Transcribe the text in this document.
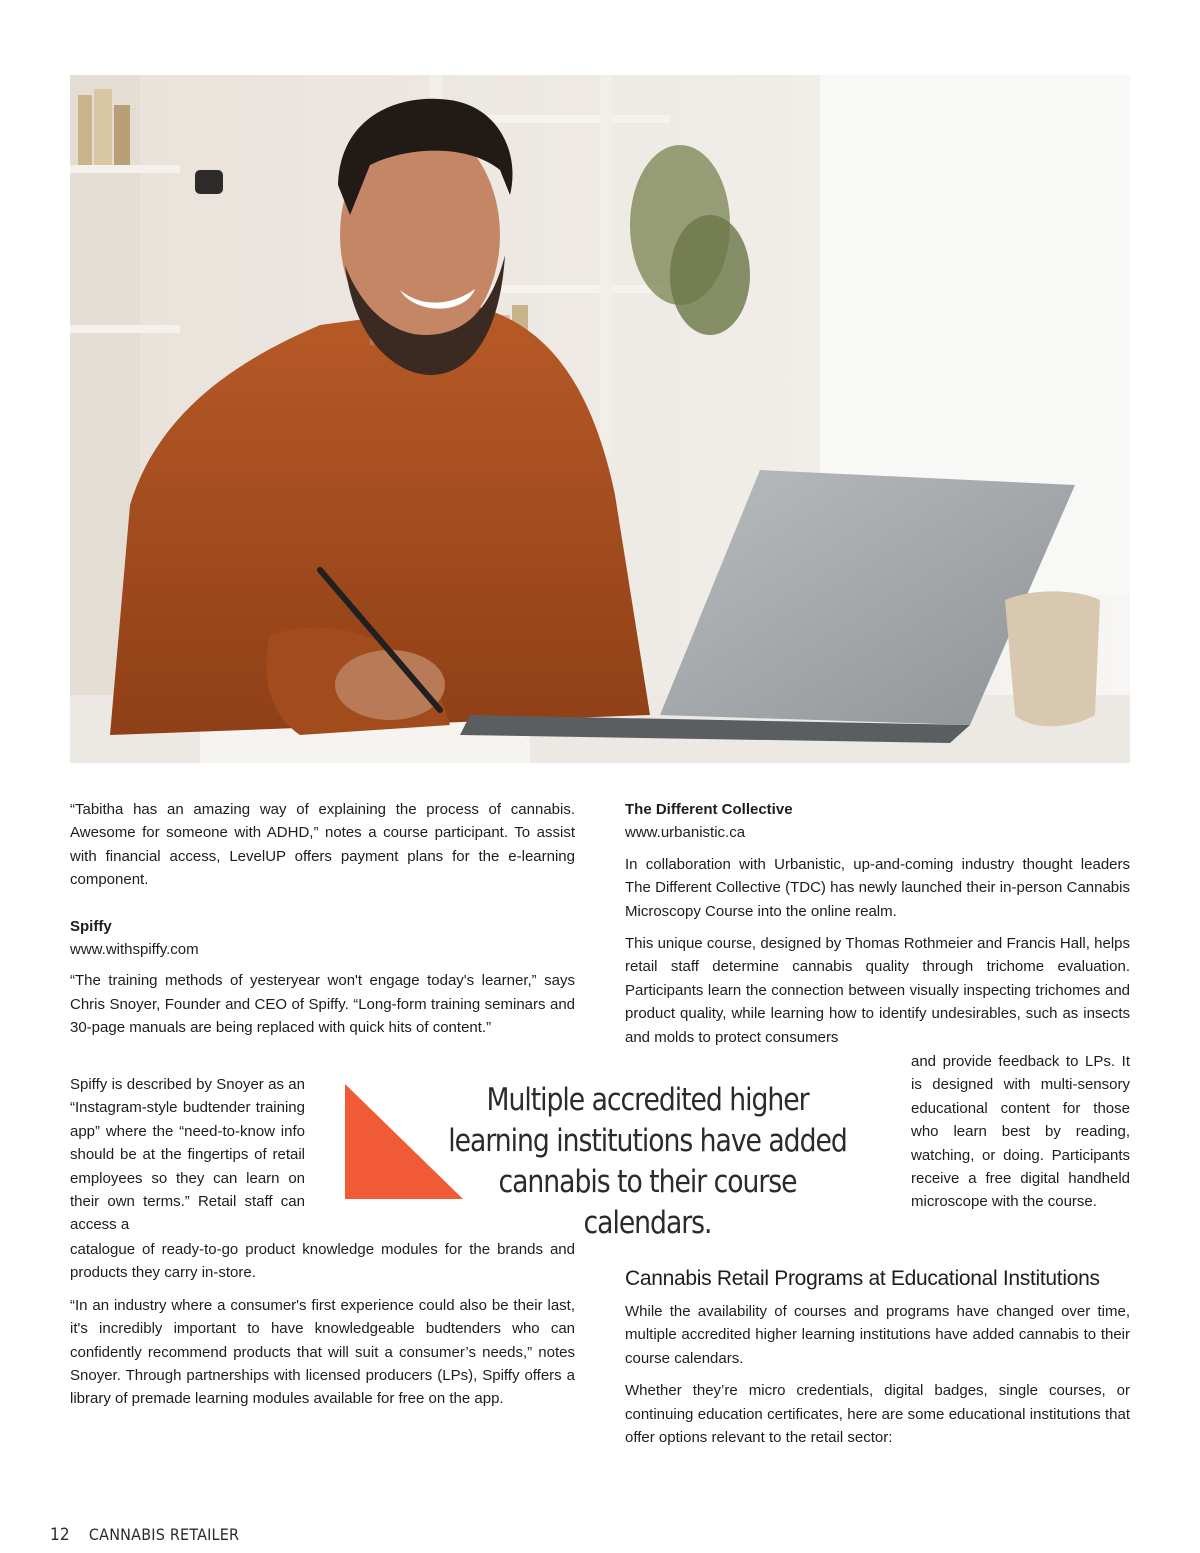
“Tabitha has an amazing way of explaining the process of cannabis. Awesome for someone with ADHD,” notes a course participant. To assist with financial access, LevelUP offers payment plans for the e-learning component.

Spiffy

www.withspiffy.com

“The training methods of yesteryear won't engage today's learner,” says Chris Snoyer, Founder and CEO of Spiffy. “Long-form training seminars and 30-page manuals are being replaced with quick hits of content.”

Spiffy is described by Snoyer as an “Instagram-style budtender training app” where the “need-to-know info should be at the fingertips of retail employees so they can learn on their own terms.” Retail staff can access a

catalogue of ready-to-go product knowledge modules for the brands and products they carry in-store.

“In an industry where a consumer's first experience could also be their last, it's incredibly important to have knowledgeable budtenders who can confidently recommend products that will suit a consumer’s needs,” notes Snoyer. Through partnerships with licensed producers (LPs), Spiffy offers a library of premade learning modules available for free on the app.

Multiple accredited higher learning institutions have added cannabis to their course calendars.

The Different Collective

www.urbanistic.ca

In collaboration with Urbanistic, up-and-coming industry thought leaders The Different Collective (TDC) has newly launched their in-person Cannabis Microscopy Course into the online realm.

This unique course, designed by Thomas Rothmeier and Francis Hall, helps retail staff determine cannabis quality through trichome evaluation. Participants learn the connection between visually inspecting trichomes and product quality, while learning how to identify undesirables, such as insects and molds to protect consumers

and provide feedback to LPs. It is designed with multi-sensory educational content for those who learn best by reading, watching, or doing. Participants receive a free digital handheld microscope with the course.

Cannabis Retail Programs at Educational Institutions

While the availability of courses and programs have changed over time, multiple accredited higher learning institutions have added cannabis to their course calendars.

Whether they’re micro credentials, digital badges, single courses, or continuing education certificates, here are some educational institutions that offer options relevant to the retail sector:

12 CANNABIS RETAILER
